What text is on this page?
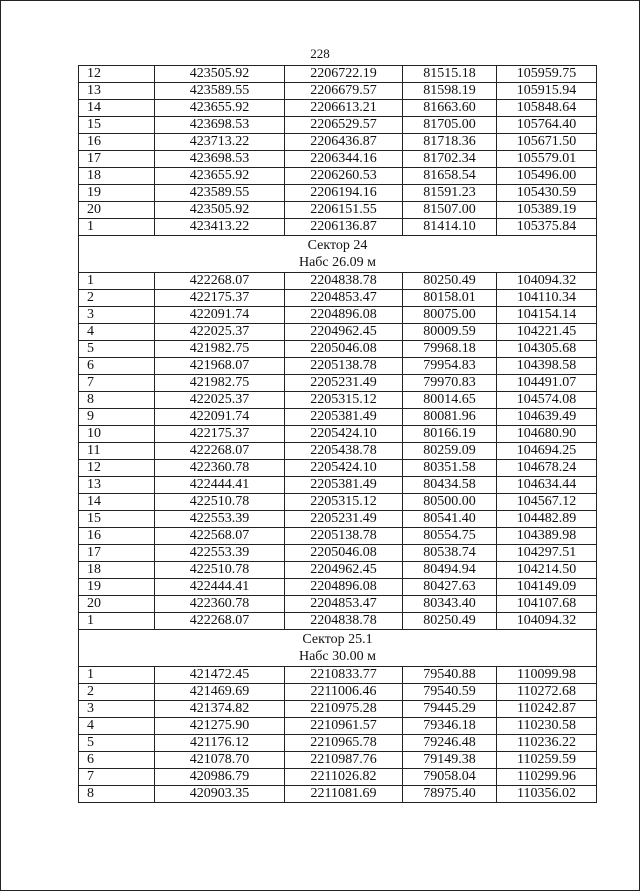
228
12	423505.92	2206722.19	81515.18	105959.75
13	423589.55	2206679.57	81598.19	105915.94
14	423655.92	2206613.21	81663.60	105848.64
15	423698.53	2206529.57	81705.00	105764.40
16	423713.22	2206436.87	81718.36	105671.50
17	423698.53	2206344.16	81702.34	105579.01
18	423655.92	2206260.53	81658.54	105496.00
19	423589.55	2206194.16	81591.23	105430.59
20	423505.92	2206151.55	81507.00	105389.19
1	423413.22	2206136.87	81414.10	105375.84

Сектор 24
Набс 26.09 м				

1	422268.07	2204838.78	80250.49	104094.32
2	422175.37	2204853.47	80158.01	104110.34
3	422091.74	2204896.08	80075.00	104154.14
4	422025.37	2204962.45	80009.59	104221.45
5	421982.75	2205046.08	79968.18	104305.68
6	421968.07	2205138.78	79954.83	104398.58
7	421982.75	2205231.49	79970.83	104491.07
8	422025.37	2205315.12	80014.65	104574.08
9	422091.74	2205381.49	80081.96	104639.49
10	422175.37	2205424.10	80166.19	104680.90
11	422268.07	2205438.78	80259.09	104694.25
12	422360.78	2205424.10	80351.58	104678.24
13	422444.41	2205381.49	80434.58	104634.44
14	422510.78	2205315.12	80500.00	104567.12
15	422553.39	2205231.49	80541.40	104482.89
16	422568.07	2205138.78	80554.75	104389.98
17	422553.39	2205046.08	80538.74	104297.51
18	422510.78	2204962.45	80494.94	104214.50
19	422444.41	2204896.08	80427.63	104149.09
20	422360.78	2204853.47	80343.40	104107.68
1	422268.07	2204838.78	80250.49	104094.32

Сектор 25.1
Набс 30.00 м				

1	421472.45	2210833.77	79540.88	110099.98
2	421469.69	2211006.46	79540.59	110272.68
3	421374.82	2210975.28	79445.29	110242.87
4	421275.90	2210961.57	79346.18	110230.58
5	421176.12	2210965.78	79246.48	110236.22
6	421078.70	2210987.76	79149.38	110259.59
7	420986.79	2211026.82	79058.04	110299.96
8	420903.35	2211081.69	78975.40	110356.02
